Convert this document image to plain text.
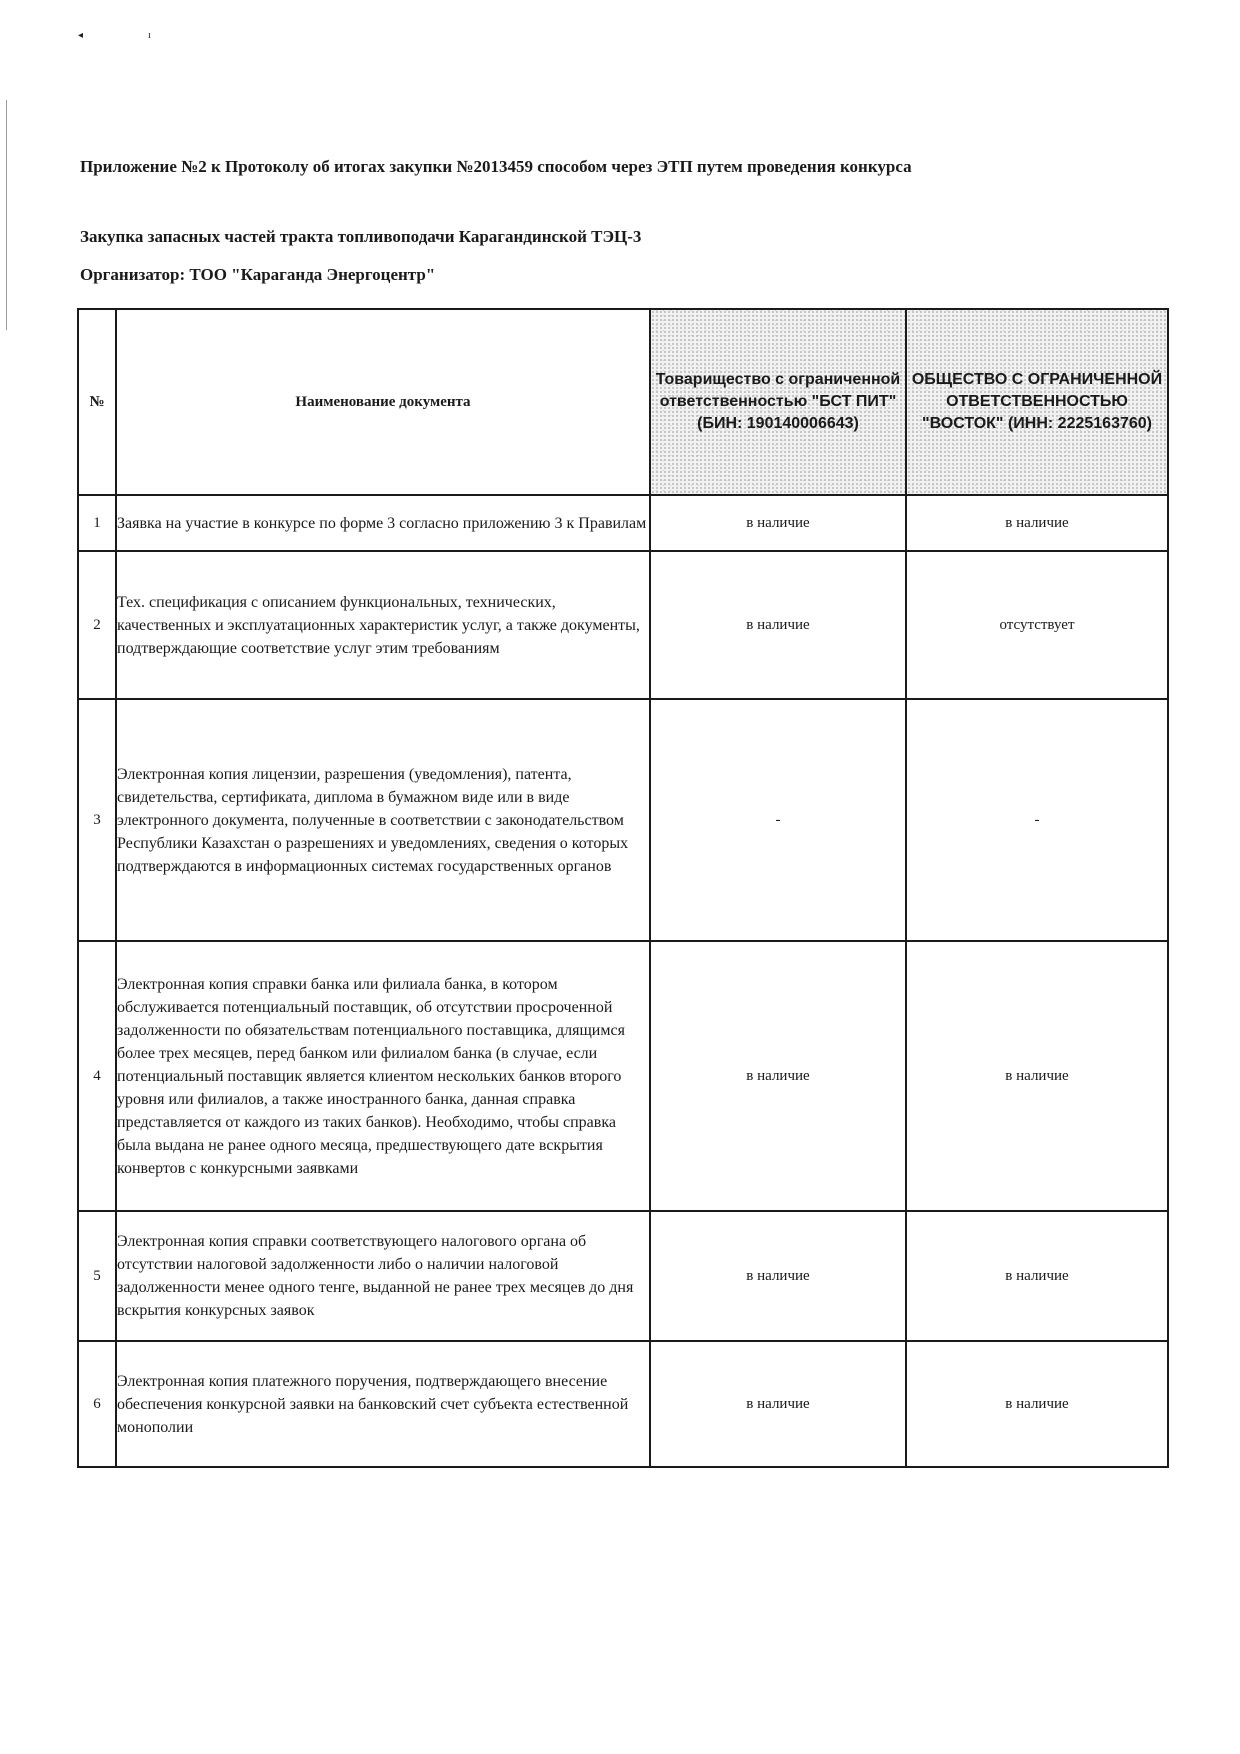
◂	ı
Приложение №2 к Протоколу об итогах закупки №2013459 способом через ЭТП путем проведения конкурса
Закупка запасных частей тракта топливоподачи Карагандинской ТЭЦ-3
Организатор: ТОО "Караганда Энергоцентр"
№	Наименование документа	Товарищество с ограниченной ответственностью "БСТ ПИТ" (БИН: 190140006643)	ОБЩЕСТВО С ОГРАНИЧЕННОЙ ОТВЕТСТВЕННОСТЬЮ "ВОСТОК" (ИНН: 2225163760)
1	Заявка на участие в конкурсе по форме 3 согласно приложению 3 к Правилам	в наличие	в наличие
2	Тех. спецификация с описанием функциональных, технических, качественных и эксплуатационных характеристик услуг, а также документы, подтверждающие соответствие услуг этим требованиям	в наличие	отсутствует
3	Электронная копия лицензии, разрешения (уведомления), патента, свидетельства, сертификата, диплома в бумажном виде или в виде электронного документа, полученные в соответствии с законодательством Республики Казахстан о разрешениях и уведомлениях, сведения о которых подтверждаются в информационных системах государственных органов	-	-
4	Электронная копия справки банка или филиала банка, в котором обслуживается потенциальный поставщик, об отсутствии просроченной задолженности по обязательствам потенциального поставщика, длящимся более трех месяцев, перед банком или филиалом банка (в случае, если потенциальный поставщик является клиентом нескольких банков второго уровня или филиалов, а также иностранного банка, данная справка представляется от каждого из таких банков). Необходимо, чтобы справка была выдана не ранее одного месяца, предшествующего дате вскрытия конвертов с конкурсными заявками	в наличие	в наличие
5	Электронная копия справки соответствующего налогового органа об отсутствии налоговой задолженности либо о наличии налоговой задолженности менее одного тенге, выданной не ранее трех месяцев до дня вскрытия конкурсных заявок	в наличие	в наличие
6	Электронная копия платежного поручения, подтверждающего внесение обеспечения конкурсной заявки на банковский счет субъекта естественной монополии	в наличие	в наличие
